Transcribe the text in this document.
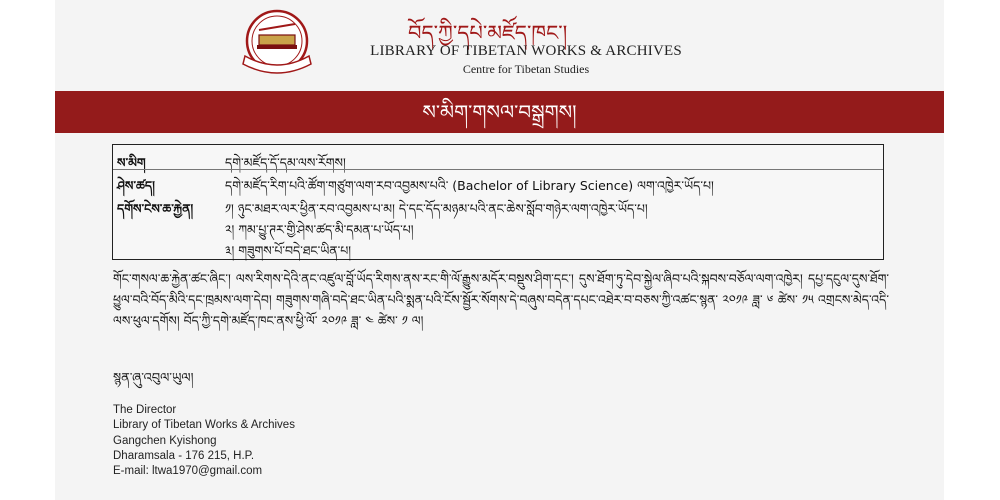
བོད་ཀྱི་དཔེ་མཛོད་ཁང་།
LIBRARY OF TIBETAN WORKS & ARCHIVES
Centre for Tibetan Studies
ས་མིག་གསལ་བསྒྲགས།
ས་མིག	དགེ་མཛོད་དོ་དམ་ལས་རོགས།
ཤེས་ཚད།	དགེ་མཛོད་རིག་པའི་ཚོག་གཙུག་ལག་རབ་འབྱམས་པའི་ (Bachelor of Library Science) ལག་འཁྱེར་ཡོད་པ།
དགོས་ངེས་ཆ་རྐྱེན།	༡། ཉུང་མཐར་ལར་ཕྱིན་རབ་འབྱམས་པ་མ། དེ་དང་དོད་མཉམ་པའི་ནང་ཆེས་སློབ་གཉེར་ལག་འཁྱེར་ཡོད་པ།
༢། ཀམ་པྱུ་ཊར་གྱི་ཤེས་ཚད་མི་དམན་པ་ཡོད་པ།
༣། གཟུགས་པོ་བདེ་ཐང་ཡིན་པ།
གོང་གསལ་ཆ་རྐྱེན་ཚང་ཞིང་། ལས་རིགས་དེའི་ནང་འཛུལ་བློ་ཡོད་རིགས་ནས་རང་གི་ལོ་རྒྱུས་མདོར་བསྡུས་ཤིག་དང་། དུས་ཐོག་ཏུ་དེབ་སྐྱེལ་ཞིབ་པའི་སྐབས་བཅོལ་ལག་འཁྱེར། དཔྱ་དངུལ་དུས་ཐོག་ཕྱུལ་བའི་བོད་མིའི་དང་ཁྲམས་ལག་དེབ། གཟུགས་གཞི་བདེ་ཐང་ཡིན་པའི་སྨན་པའི་ངོས་སྦྱོར་སོགས་དེ་བཞུས་བདེན་དཔང་འཐེར་བ་བཅས་ཀྱི་འཚང་སྙན་ ༢༠༡༩ ཟླ་ ༦ ཚེས་ ༡༥ འགྲངས་མེད་འདི་ལས་ཕུལ་དགོས། བོད་ཀྱི་དགེ་མཛོད་ཁང་ནས་ཕྱི་ལོ་ ༢༠༡༩ ཟླ་ ༤ ཚེས་ ༡ ལ།
སྙན་ཞུ་འབུལ་ཡུལ།
The Director
Library of Tibetan Works & Archives
Gangchen Kyishong
Dharamsala - 176 215, H.P.
E-mail: ltwa1970@gmail.com
